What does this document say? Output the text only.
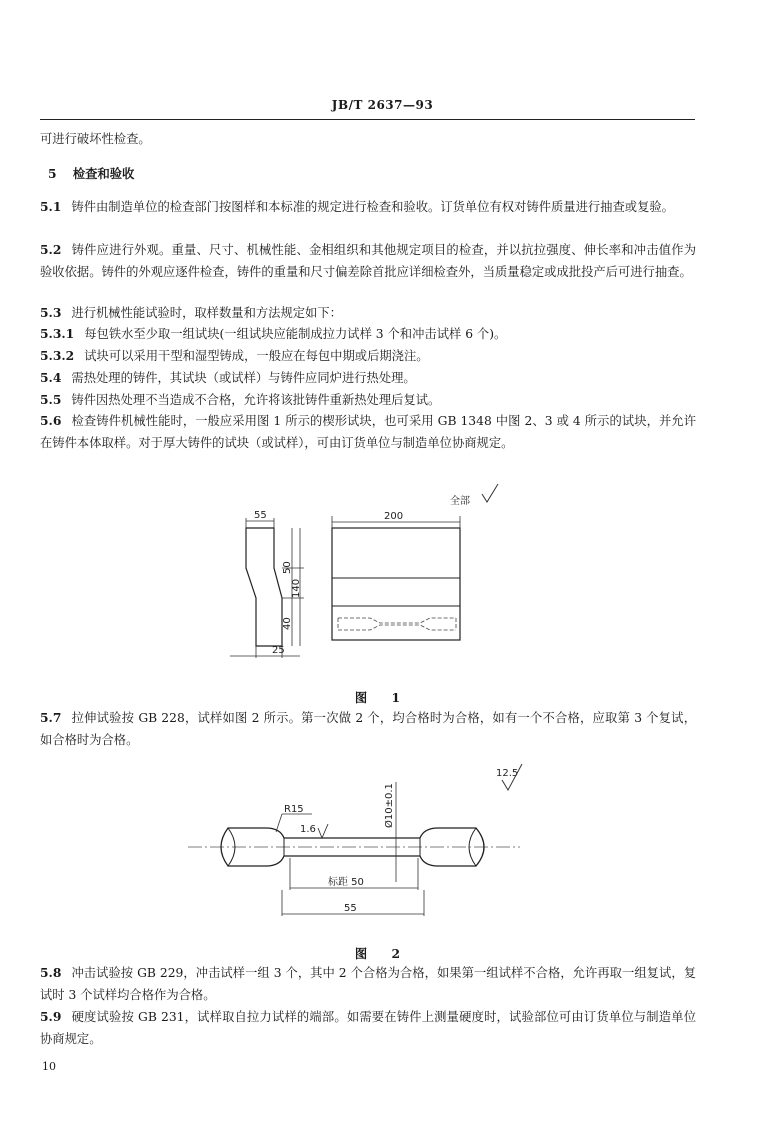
JB/T 2637—93
可进行破坏性检查。
5 检查和验收
5.1 铸件由制造单位的检查部门按图样和本标准的规定进行检查和验收。订货单位有权对铸件质量进行抽查或复验。
5.2 铸件应进行外观。重量、尺寸、机械性能、金相组织和其他规定项目的检查，并以抗拉强度、伸长率和冲击值作为验收依据。铸件的外观应逐件检查，铸件的重量和尺寸偏差除首批应详细检查外，当质量稳定或成批投产后可进行抽查。
5.3 进行机械性能试验时，取样数量和方法规定如下：
5.3.1 每包铁水至少取一组试块(一组试块应能制成拉力试样 3 个和冲击试样 6 个)。
5.3.2 试块可以采用干型和湿型铸成，一般应在每包中期或后期浇注。
5.4 需热处理的铸件，其试块（或试样）与铸件应同炉进行热处理。
5.5 铸件因热处理不当造成不合格，允许将该批铸件重新热处理后复试。
5.6 检查铸件机械性能时，一般应采用图 1 所示的楔形试块，也可采用 GB 1348 中图 2、3 或 4 所示的试块，并允许在铸件本体取样。对于厚大铸件的试块（或试样），可由订货单位与制造单位协商规定。
全部
55
50
140
40
25
200
图 1
5.7 拉伸试验按 GB 228，试样如图 2 所示。第一次做 2 个，均合格时为合格，如有一个不合格，应取第 3 个复试，如合格时为合格。
12.5
R15
1.6
Ø10±0.1
标距 50
55
图 2
5.8 冲击试验按 GB 229，冲击试样一组 3 个，其中 2 个合格为合格，如果第一组试样不合格，允许再取一组复试，复试时 3 个试样均合格作为合格。
5.9 硬度试验按 GB 231，试样取自拉力试样的端部。如需要在铸件上测量硬度时，试验部位可由订货单位与制造单位协商规定。
10
